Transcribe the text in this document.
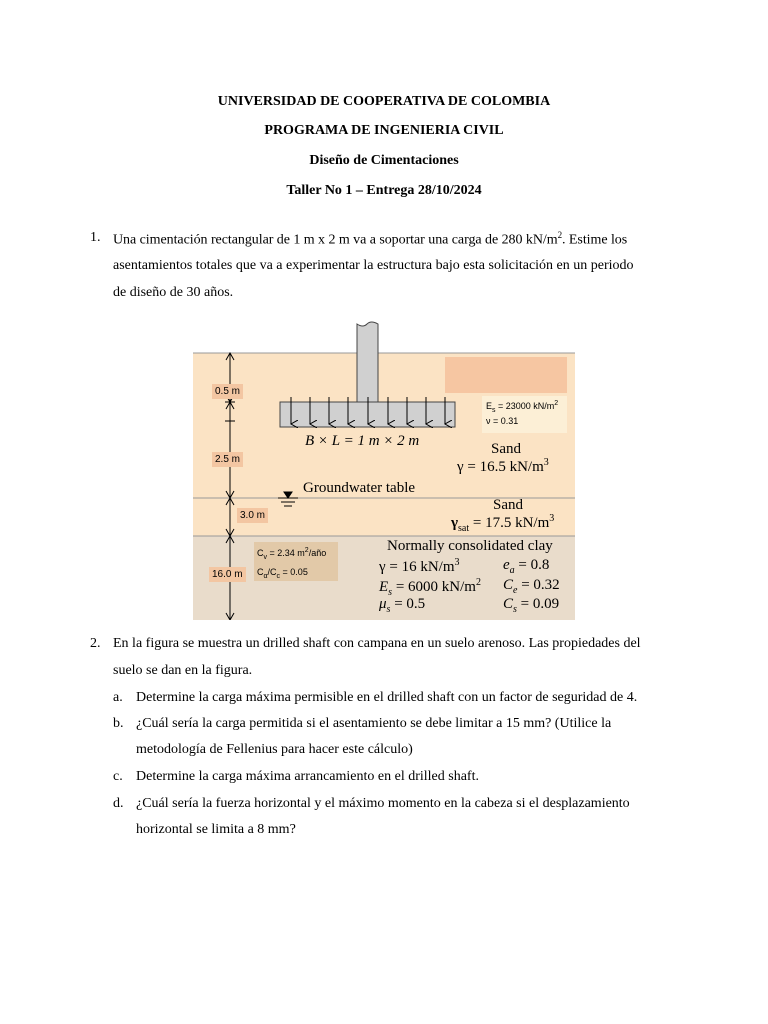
UNIVERSIDAD DE COOPERATIVA DE COLOMBIA
PROGRAMA DE INGENIERIA CIVIL
Diseño de Cimentaciones
Taller No 1 – Entrega 28/10/2024
1. Una cimentación rectangular de 1 m x 2 m va a soportar una carga de 280 $kN/m^2$. Estime los
asentamientos totales que va a experimentar la estructura bajo esta solicitación en un periodo
de diseño de 30 años.
0.5 m
2.5 m
3.0 m
16.0 m
$E_s = 23000$ $kN/m^2$
ν = 0.31
B × L = 1 m × 2 m	Sand
γ = 16.5 $kN/m^3$
Groundwater table
Sand
$\gamma_{sat} = 17.5$ $kN/m^3$
$C_v = 2.34$ $m^2$/año
$C_\alpha/C_c = 0.05$
Normally consolidated clay
γ = 16 $kN/m^3$	$e_a = 0.8$
$E_s = 6000$ $kN/m^2$ $C_e = 0.32$
$\mu_s = 0.5$	$C_s = 0.09$
2. En la figura se muestra un drilled shaft con campana en un suelo arenoso. Las propiedades del
suelo se dan en la figura.
a. Determine la carga máxima permisible en el drilled shaft con un factor de seguridad de 4.
b. ¿Cuál sería la carga permitida si el asentamiento se debe limitar a 15 mm? (Utilice la
metodología de Fellenius para hacer este cálculo)
c. Determine la carga máxima arrancamiento en el drilled shaft.
d. ¿Cuál sería la fuerza horizontal y el máximo momento en la cabeza si el desplazamiento
horizontal se limita a 8 mm?
